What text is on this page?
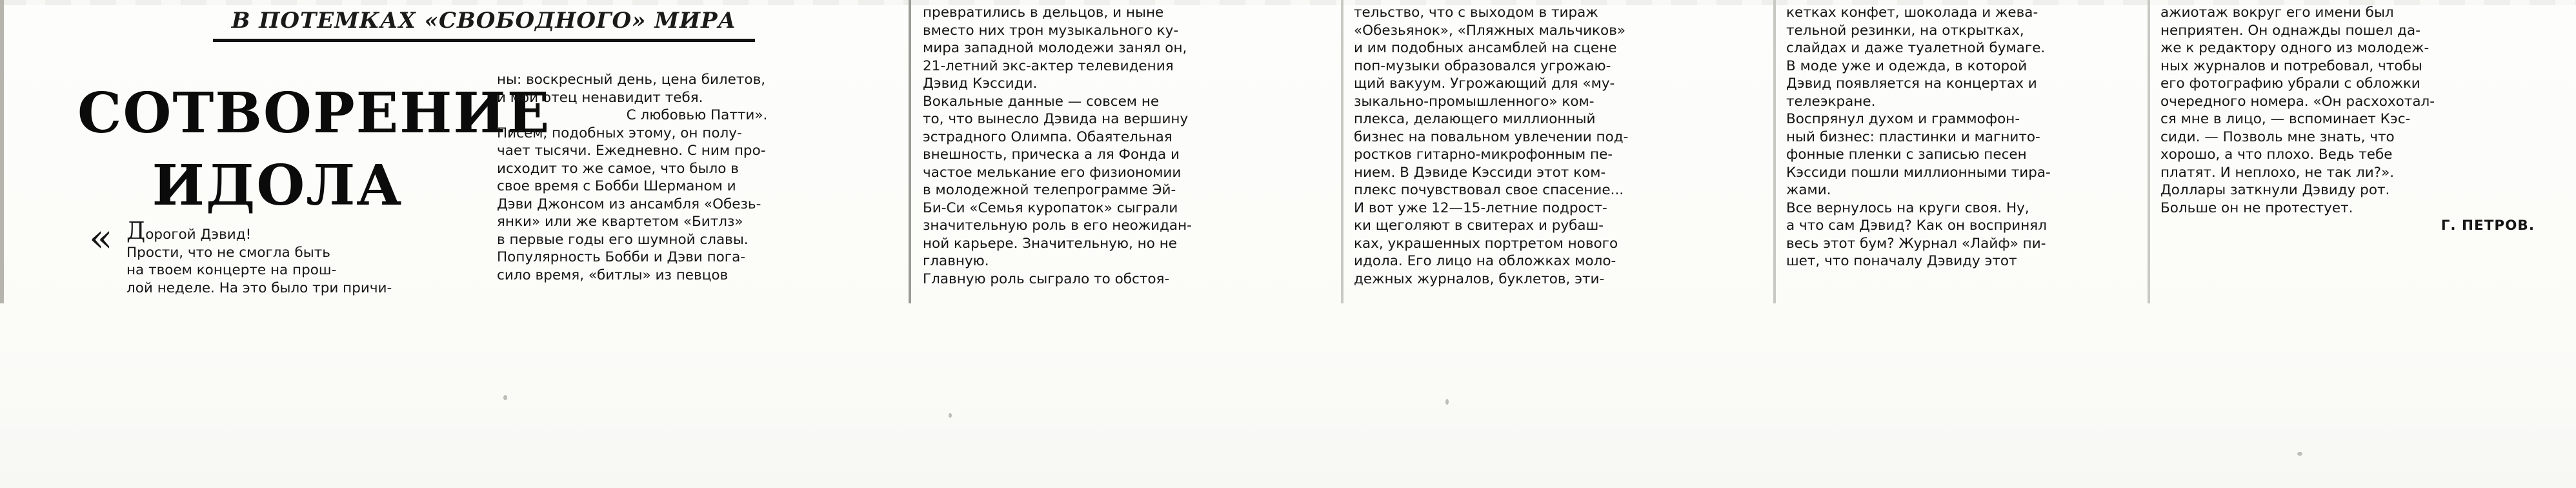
В ПОТЕМКАХ «СВОБОДНОГО» МИРА
СОТВОРЕНИЕ
ИДОЛА
« Дорогой Дэвид!

Прости, что не смогла быть

на твоем концерте на прош-

лой неделе. На это было три причи-

ны: воскресный день, цена билетов,

и мой отец ненавидит тебя.

С любовью Патти».

Писем, подобных этому, он полу-

чает тысячи. Ежедневно. С ним про-

исходит то же самое, что было в

свое время с Бобби Шерманом и

Дэви Джонсом из ансамбля «Обезь-

янки» или же квартетом «Битлз»

в первые годы его шумной славы.

Популярность Бобби и Дэви пога-

сило время, «битлы» из певцов

превратились в дельцов, и ныне

вместо них трон музыкального ку-

мира западной молодежи занял он,

21-летний экс-актер телевидения

Дэвид Кэссиди.

Вокальные данные — совсем не

то, что вынесло Дэвида на вершину

эстрадного Олимпа. Обаятельная

внешность, прическа а ля Фонда и

частое мелькание его физиономии

в молодежной телепрограмме Эй-

Би-Си «Семья куропаток» сыграли

значительную роль в его неожидан-

ной карьере. Значительную, но не

главную.

Главную роль сыграло то обстоя-

тельство, что с выходом в тираж

«Обезьянок», «Пляжных мальчиков»

и им подобных ансамблей на сцене

поп-музыки образовался угрожаю-

щий вакуум. Угрожающий для «му-

зыкально-промышленного» ком-

плекса, делающего миллионный

бизнес на повальном увлечении под-

ростков гитарно-микрофонным пе-

нием. В Дэвиде Кэссиди этот ком-

плекс почувствовал свое спасение...

И вот уже 12—15-летние подрост-

ки щеголяют в свитерах и рубаш-

ках, украшенных портретом нового

идола. Его лицо на обложках моло-

дежных журналов, буклетов, эти-

кетках конфет, шоколада и жева-

тельной резинки, на открытках,

слайдах и даже туалетной бумаге.

В моде уже и одежда, в которой

Дэвид появляется на концертах и

телеэкране.

Воспрянул духом и граммофон-

ный бизнес: пластинки и магнито-

фонные пленки с записью песен

Кэссиди пошли миллионными тира-

жами.

Все вернулось на круги своя. Ну,

а что сам Дэвид? Как он воспринял

весь этот бум? Журнал «Лайф» пи-

шет, что поначалу Дэвиду этот

ажиотаж вокруг его имени был

неприятен. Он однажды пошел да-

же к редактору одного из молодеж-

ных журналов и потребовал, чтобы

его фотографию убрали с обложки

очередного номера. «Он расхохотал-

ся мне в лицо, — вспоминает Кэс-

сиди. — Позволь мне знать, что

хорошо, а что плохо. Ведь тебе

платят. И неплохо, не так ли?».

Доллары заткнули Дэвиду рот.

Больше он не протестует.

Г. ПЕТРОВ.
